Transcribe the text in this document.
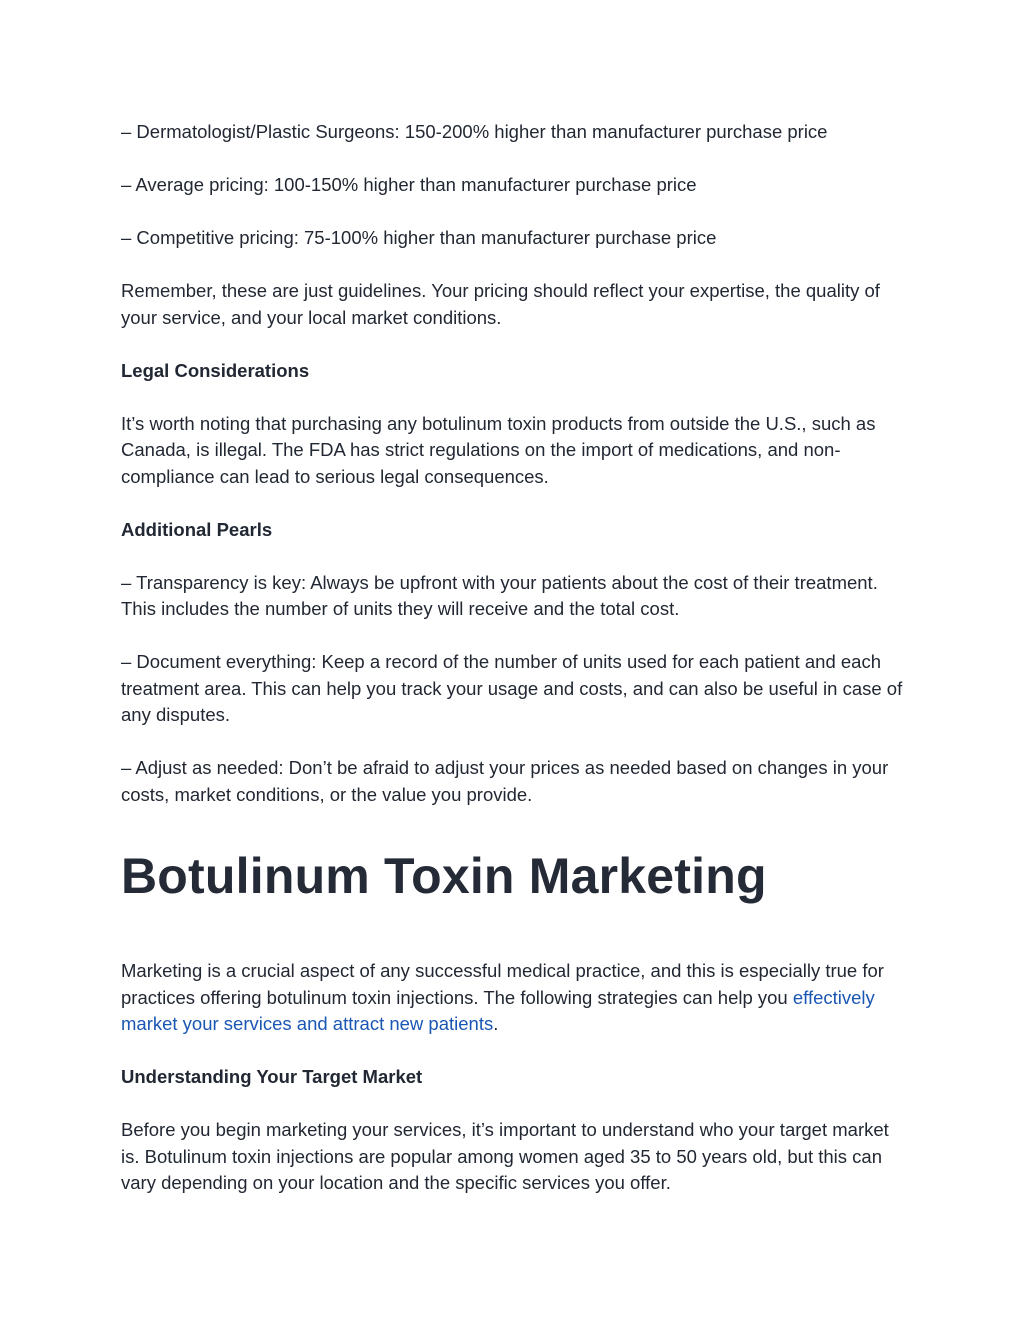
– Dermatologist/Plastic Surgeons: 150-200% higher than manufacturer purchase price

– Average pricing: 100-150% higher than manufacturer purchase price

– Competitive pricing: 75-100% higher than manufacturer purchase price

Remember, these are just guidelines. Your pricing should reflect your expertise, the quality of your service, and your local market conditions.

Legal Considerations

It’s worth noting that purchasing any botulinum toxin products from outside the U.S., such as Canada, is illegal. The FDA has strict regulations on the import of medications, and non-compliance can lead to serious legal consequences.

Additional Pearls

– Transparency is key: Always be upfront with your patients about the cost of their treatment. This includes the number of units they will receive and the total cost.

– Document everything: Keep a record of the number of units used for each patient and each treatment area. This can help you track your usage and costs, and can also be useful in case of any disputes.

– Adjust as needed: Don’t be afraid to adjust your prices as needed based on changes in your costs, market conditions, or the value you provide.

Botulinum Toxin Marketing

Marketing is a crucial aspect of any successful medical practice, and this is especially true for practices offering botulinum toxin injections. The following strategies can help you effectively market your services and attract new patients.

Understanding Your Target Market

Before you begin marketing your services, it’s important to understand who your target market is. Botulinum toxin injections are popular among women aged 35 to 50 years old, but this can vary depending on your location and the specific services you offer.
